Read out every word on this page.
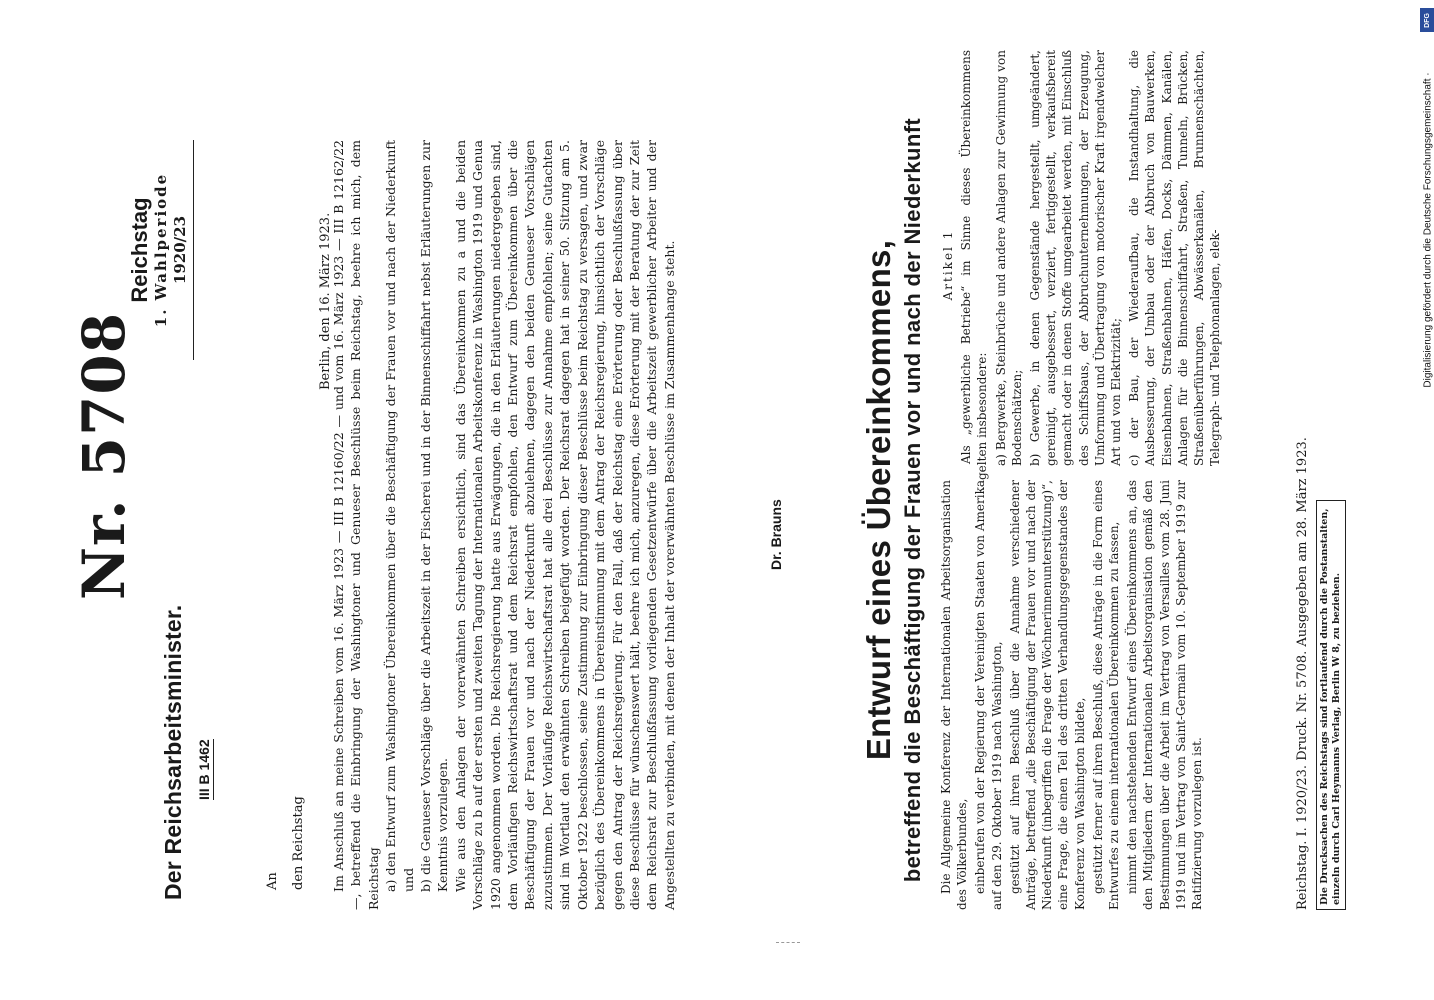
Der Reichsarbeitsminister. III B 1462
Nr. 5708
Reichstag 1. Wahlperiode 1920/23
An den Reichstag
Berlin, den 16. März 1923.

Im Anschluß an meine Schreiben vom 16. März 1923 — III B 12160/22 — und vom 16. März 1923 — III B 12162/22 —, betreffend die Einbringung der Washingtoner und Genueser Beschlüsse beim Reichstag, beehre ich mich, dem Reichstag a) den Entwurf zum Washingtoner Übereinkommen über die Beschäftigung der Frauen vor und nach der Niederkunft und b) die Genueser Vorschläge über die Arbeitszeit in der Fischerei und in der Binnenschiffahrt nebst Erläuterungen zur Kenntnis vorzulegen. Wie aus den Anlagen der vorerwähnten Schreiben ersichtlich, sind das Übereinkommen zu a und die beiden Vorschläge zu b auf der ersten und zweiten Tagung der Internationalen Arbeitskonferenz in Washington 1919 und Genua 1920 angenommen worden. Die Reichsregierung hatte aus Erwägungen, die in den Erläuterungen niedergegeben sind, dem Vorläufigen Reichswirtschaftsrat und dem Reichsrat empfohlen, den Entwurf zum Übereinkommen über die Beschäftigung der Frauen vor und nach der Niederkunft abzulehnen, dagegen den beiden Genueser Vorschlägen zuzustimmen. Der Vorläufige Reichswirtschaftsrat hat alle drei Beschlüsse zur Annahme empfohlen; seine Gutachten sind im Wortlaut den erwähnten Schreiben beigefügt worden. Der Reichsrat dagegen hat in seiner 50. Sitzung am 5. Oktober 1922 beschlossen, seine Zustimmung zur Einbringung dieser Beschlüsse beim Reichstag zu versagen, und zwar bezüglich des Übereinkommens in Übereinstimmung mit dem Antrag der Reichsregierung, hinsichtlich der Vorschläge gegen den Antrag der Reichsregierung. Für den Fall, daß der Reichstag eine Erörterung oder Beschlußfassung über diese Beschlüsse für wünschenswert hält, beehre ich mich, anzuregen, diese Erörterung mit der Beratung der zur Zeit dem Reichsrat zur Beschlußfassung vorliegenden Gesetzentwürfe über die Arbeitszeit gewerblicher Arbeiter und der Angestellten zu verbinden, mit denen der Inhalt der vorerwähnten Beschlüsse im Zusammenhange steht.	Dr. Brauns Entwurf eines Übereinkommens, betreffend die Beschäftigung der Frauen vor und nach der Niederkunft Die Allgemeine Konferenz der Internationalen Arbeitsorganisation des Völkerbundes, einberufen von der Regierung der Vereinigten Staaten von Amerika auf den 29. Oktober 1919 nach Washington, gestützt auf ihren Beschluß über die Annahme verschiedener Anträge, betreffend „die Beschäftigung der Frauen vor und nach der Niederkunft (inbegriffen die Frage der Wöchnerinnenunterstützung)“, eine Frage, die einen Teil des dritten Verhandlungsgegenstandes der Konferenz von Washington bildete, gestützt ferner auf ihren Beschluß, diese Anträge in die Form eines Entwurfes zu einem internationalen Übereinkommen zu fassen, nimmt den nachstehenden Entwurf eines Übereinkommens an, das den Mitgliedern der Internationalen Arbeitsorganisation gemäß den Bestimmungen über die Arbeit im Vertrag von Versailles vom 28. Juni 1919 und im Vertrag von Saint-Germain vom 10. September 1919 zur Ratifizierung vorzulegen ist.

Artikel 1 Als „gewerbliche Betriebe“ im Sinne dieses Übereinkommens gelten insbesondere: a) Bergwerke, Steinbrüche und andere Anlagen zur Gewinnung von Bodenschätzen; b) Gewerbe, in denen Gegenstände hergestellt, umgeändert, gereinigt, ausgebessert, verziert, fertiggestellt, verkaufsbereit gemacht oder in denen Stoffe umgearbeitet werden, mit Einschluß des Schiffsbaus, der Abbruchunternehmungen, der Erzeugung, Umformung und Übertragung von motorischer Kraft irgendwelcher Art und von Elektrizität; c) der Bau, der Wiederaufbau, die Instandhaltung, die Ausbesserung, der Umbau oder der Abbruch von Bauwerken, Eisenbahnen, Straßenbahnen, Häfen, Docks, Dämmen, Kanälen, Anlagen für die Binnenschiffahrt, Straßen, Tunneln, Brücken, Straßenüberführungen, Abwässerkanälen, Brunnenschächten, Telegraph- und Telephonanlagen, elek-

Reichstag. I. 1920/23. Druck. Nr. 5708. Ausgegeben am 28. März 1923. Die Drucksachen des Reichstags sind fortlaufend durch die Postanstalten, einzeln durch Carl Heymanns Verlag, Berlin W 8, zu beziehen.
DFG
Digitalisierung gefördert durch die Deutsche Forschungsgemeinschaft ·
